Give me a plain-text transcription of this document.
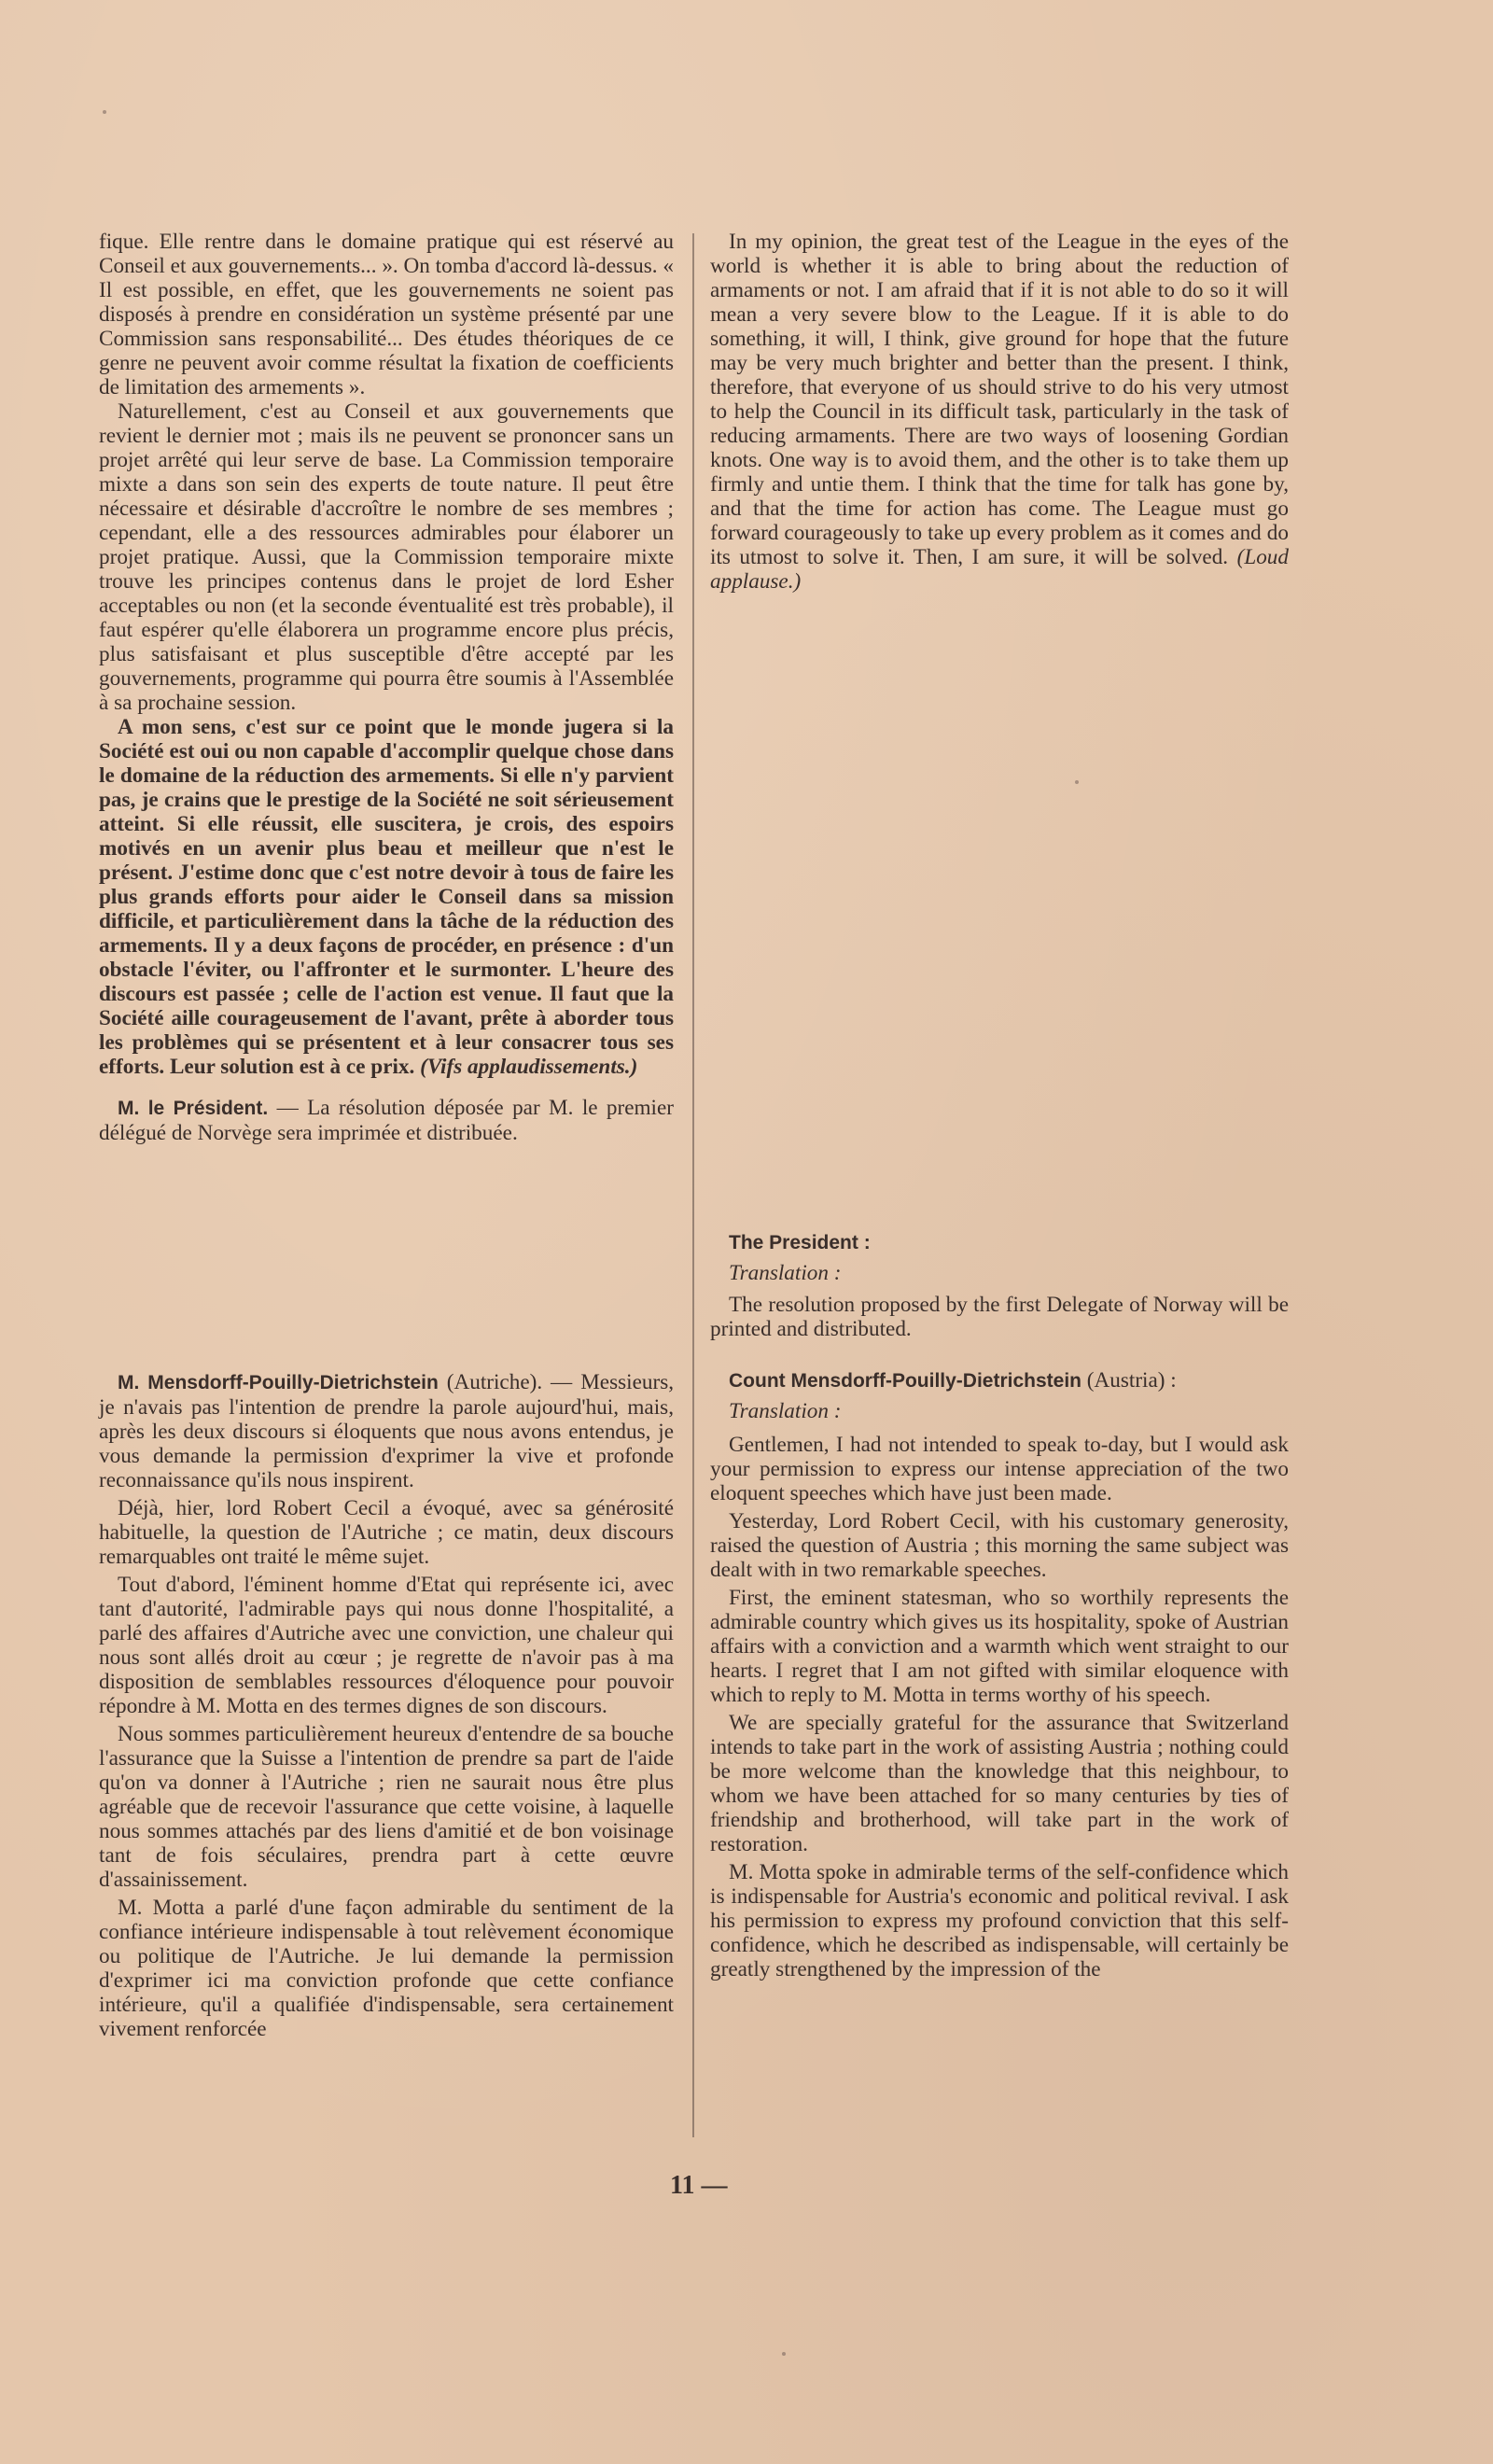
fique. Elle rentre dans le domaine pratique qui est réservé au Conseil et aux gouvernements... ». On tomba d'accord là-dessus. « Il est possible, en effet, que les gouvernements ne soient pas disposés à prendre en considération un système présenté par une Commission sans responsabilité... Des études théoriques de ce genre ne peuvent avoir comme résultat la fixation de coefficients de limitation des armements ».

Naturellement, c'est au Conseil et aux gouvernements que revient le dernier mot ; mais ils ne peuvent se prononcer sans un projet arrêté qui leur serve de base. La Commission temporaire mixte a dans son sein des experts de toute nature. Il peut être nécessaire et désirable d'accroître le nombre de ses membres ; cependant, elle a des ressources admirables pour élaborer un projet pratique. Aussi, que la Commission temporaire mixte trouve les principes contenus dans le projet de lord Esher acceptables ou non (et la seconde éventualité est très probable), il faut espérer qu'elle élaborera un programme encore plus précis, plus satisfaisant et plus susceptible d'être accepté par les gouvernements, programme qui pourra être soumis à l'Assemblée à sa prochaine session.

A mon sens, c'est sur ce point que le monde jugera si la Société est oui ou non capable d'accomplir quelque chose dans le domaine de la réduction des armements. Si elle n'y parvient pas, je crains que le prestige de la Société ne soit sérieusement atteint. Si elle réussit, elle suscitera, je crois, des espoirs motivés en un avenir plus beau et meilleur que n'est le présent. J'estime donc que c'est notre devoir à tous de faire les plus grands efforts pour aider le Conseil dans sa mission difficile, et particulièrement dans la tâche de la réduction des armements. Il y a deux façons de procéder, en présence : d'un obstacle l'éviter, ou l'affronter et le surmonter. L'heure des discours est passée ; celle de l'action est venue. Il faut que la Société aille courageusement de l'avant, prête à aborder tous les problèmes qui se présentent et à leur consacrer tous ses efforts. Leur solution est à ce prix. (Vifs applaudissements.)

M. le Président. — La résolution déposée par M. le premier délégué de Norvège sera imprimée et distribuée.

M. Mensdorff-Pouilly-Dietrichstein (Autriche). — Messieurs, je n'avais pas l'intention de prendre la parole aujourd'hui, mais, après les deux discours si éloquents que nous avons entendus, je vous demande la permission d'exprimer la vive et profonde reconnaissance qu'ils nous inspirent.

Déjà, hier, lord Robert Cecil a évoqué, avec sa générosité habituelle, la question de l'Autriche ; ce matin, deux discours remarquables ont traité le même sujet.

Tout d'abord, l'éminent homme d'Etat qui représente ici, avec tant d'autorité, l'admirable pays qui nous donne l'hospitalité, a parlé des affaires d'Autriche avec une conviction, une chaleur qui nous sont allés droit au cœur ; je regrette de n'avoir pas à ma disposition de semblables ressources d'éloquence pour pouvoir répondre à M. Motta en des termes dignes de son discours.

Nous sommes particulièrement heureux d'entendre de sa bouche l'assurance que la Suisse a l'intention de prendre sa part de l'aide qu'on va donner à l'Autriche ; rien ne saurait nous être plus agréable que de recevoir l'assurance que cette voisine, à laquelle nous sommes attachés par des liens d'amitié et de bon voisinage tant de fois séculaires, prendra part à cette œuvre d'assainissement.

M. Motta a parlé d'une façon admirable du sentiment de la confiance intérieure indispensable à tout relèvement économique ou politique de l'Autriche. Je lui demande la permission d'exprimer ici ma conviction profonde que cette confiance intérieure, qu'il a qualifiée d'indispensable, sera certainement vivement renforcée

In my opinion, the great test of the League in the eyes of the world is whether it is able to bring about the reduction of armaments or not. I am afraid that if it is not able to do so it will mean a very severe blow to the League. If it is able to do something, it will, I think, give ground for hope that the future may be very much brighter and better than the present. I think, therefore, that everyone of us should strive to do his very utmost to help the Council in its difficult task, particularly in the task of reducing armaments. There are two ways of loosening Gordian knots. One way is to avoid them, and the other is to take them up firmly and untie them. I think that the time for talk has gone by, and that the time for action has come. The League must go forward courageously to take up every problem as it comes and do its utmost to solve it. Then, I am sure, it will be solved. (Loud applause.)

The President :

Translation :

The resolution proposed by the first Delegate of Norway will be printed and distributed.

Count Mensdorff-Pouilly-Dietrichstein (Austria) :

Translation :

Gentlemen, I had not intended to speak to-day, but I would ask your permission to express our intense appreciation of the two eloquent speeches which have just been made.

Yesterday, Lord Robert Cecil, with his customary generosity, raised the question of Austria ; this morning the same subject was dealt with in two remarkable speeches.

First, the eminent statesman, who so worthily represents the admirable country which gives us its hospitality, spoke of Austrian affairs with a conviction and a warmth which went straight to our hearts. I regret that I am not gifted with similar eloquence with which to reply to M. Motta in terms worthy of his speech.

We are specially grateful for the assurance that Switzerland intends to take part in the work of assisting Austria ; nothing could be more welcome than the knowledge that this neighbour, to whom we have been attached for so many centuries by ties of friendship and brotherhood, will take part in the work of restoration.

M. Motta spoke in admirable terms of the self-confidence which is indispensable for Austria's economic and political revival. I ask his permission to express my profound conviction that this self-confidence, which he described as indispensable, will certainly be greatly strengthened by the impression of the

11 —
